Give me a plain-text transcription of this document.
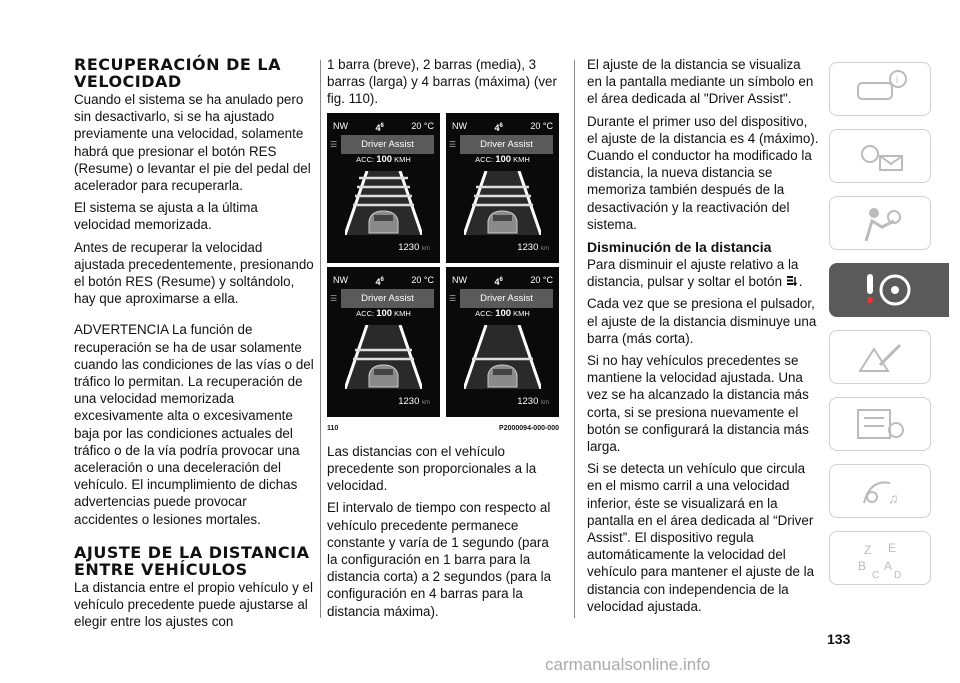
RECUPERACIÓN DE LA VELOCIDAD

Cuando el sistema se ha anulado pero sin desactivarlo, si se ha ajustado previamente una velocidad, solamente habrá que presionar el botón RES (Resume) o levantar el pie del pedal del acelerador para recuperarla.

El sistema se ajusta a la última velocidad memorizada.

Antes de recuperar la velocidad ajustada precedentemente, presionando el botón RES (Resume) y soltándolo, hay que aproximarse a ella.

ADVERTENCIA La función de recuperación se ha de usar solamente cuando las condiciones de las vías o del tráfico lo permitan. La recuperación de una velocidad memorizada excesivamente alta o excesivamente baja por las condiciones actuales del tráfico o de la vía podría provocar una aceleración o una deceleración del vehículo. El incumplimiento de dichas advertencias puede provocar accidentes o lesiones mortales.

AJUSTE DE LA DISTANCIA ENTRE VEHÍCULOS

La distancia entre el propio vehículo y el vehículo precedente puede ajustarse al elegir entre los ajustes con

1 barra (breve), 2 barras (media), 3 barras (larga) y 4 barras (máxima) (ver fig. 110).

NW	$4^6$	20 °C
☰	Driver Assist
ACC: 100 KMH
1230 km
NW	$4^6$	20 °C
☰	Driver Assist
ACC: 100 KMH
1230 km
NW	$4^6$	20 °C
☰	Driver Assist
ACC: 100 KMH
1230 km
NW	$4^6$	20 °C
☰	Driver Assist
ACC: 100 KMH
1230 km
110	P2000094-000-000

Las distancias con el vehículo precedente son proporcionales a la velocidad.

El intervalo de tiempo con respecto al vehículo precedente permanece constante y varía de 1 segundo (para la configuración en 1 barra para la distancia corta) a 2 segundos (para la configuración en 4 barras para la distancia máxima).

El ajuste de la distancia se visualiza en la pantalla mediante un símbolo en el área dedicada al "Driver Assist".

Durante el primer uso del dispositivo, el ajuste de la distancia es 4 (máximo). Cuando el conductor ha modificado la distancia, la nueva distancia se memoriza también después de la desactivación y la reactivación del sistema.

Disminución de la distancia

Para disminuir el ajuste relativo a la distancia, pulsar y soltar el botón .

Cada vez que se presiona el pulsador, el ajuste de la distancia disminuye una barra (más corta).

Si no hay vehículos precedentes se mantiene la velocidad ajustada. Una vez se ha alcanzado la distancia más corta, si se presiona nuevamente el botón se configurará la distancia más larga.

Si se detecta un vehículo que circula en el mismo carril a una velocidad inferior, éste se visualizará en la pantalla en el área dedicada al “Driver Assist”. El dispositivo regula automáticamente la velocidad del vehículo para mantener el ajuste de la distancia con independencia de la velocidad ajustada.

i
♫
Z E
B A
C D
133
carmanualsonline.info
